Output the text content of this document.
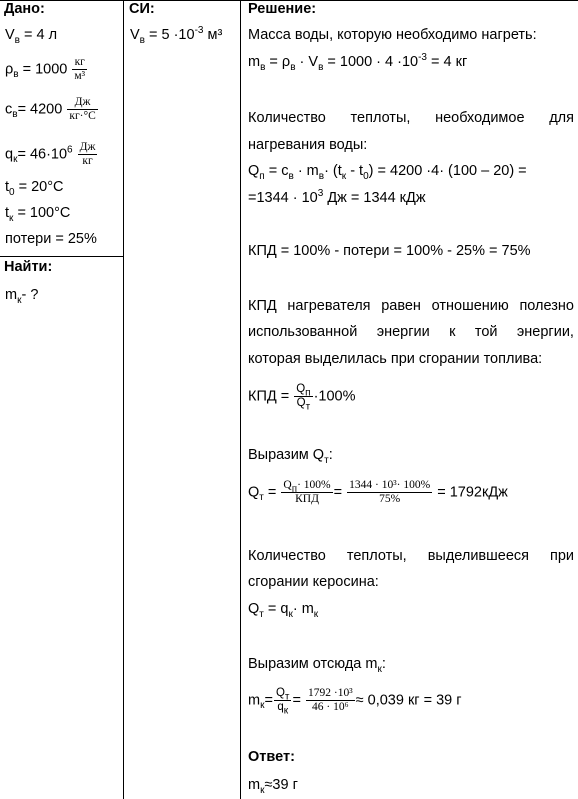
Дано:
$V_в = 4$ л
$\rho_в = 1000 \frac{кг}{\text{м³}}$
$c_в= 4200 \frac{Дж}{кг\cdot^\circ С}$
$q_к= 46\cdot 10^6 \frac{Дж}{кг}$
$t_0 = 20^\circ С$
$t_к = 100^\circ С$
потери = 25%
Найти:
$m_к-$ ?
СИ:
$V_в = 5 \cdot 10^{-3}$ м³
Решение:
Масса воды, которую необходимо нагреть:
$m_в = \rho_в \cdot V_в = 1000 \cdot 4 \cdot 10^{-3} = 4$ кг
Количество теплоты, необходимое для
нагревания воды:
$Q_п = c_в \cdot m_в\cdot (t_к - t_0) = 4200 \cdot 4\cdot (100 - 20)$ =
$=1344 \cdot 10^3$ Дж = 1344 кДж
КПД = 100% - потери = 100% - 25% = 75%
КПД нагревателя равен отношению полезно
использованной энергии к той энергии,
которая выделилась при сгорании топлива:
КПД = $\frac{Q_п}{Q_т} \cdot 100\%$
Выразим $Q_т$:
$Q_т = \frac{Q_п\cdot 100\%}{\text{КПД}} = \frac{\text{1344 · 10³· 100\%}}{75\%} = 1792кДж$
Количество теплоты, выделившееся при
сгорании керосина:
$Q_т = q_к\cdot m_к$
Выразим отсюда $m_к$:
$m_к= \frac{Q_т}{q_к} = \frac{\text{1792 ·10³}}{\text{46 · 10⁶}} \approx 0,039$ кг = 39 г
Ответ:
$m_к\approx 39$ г
